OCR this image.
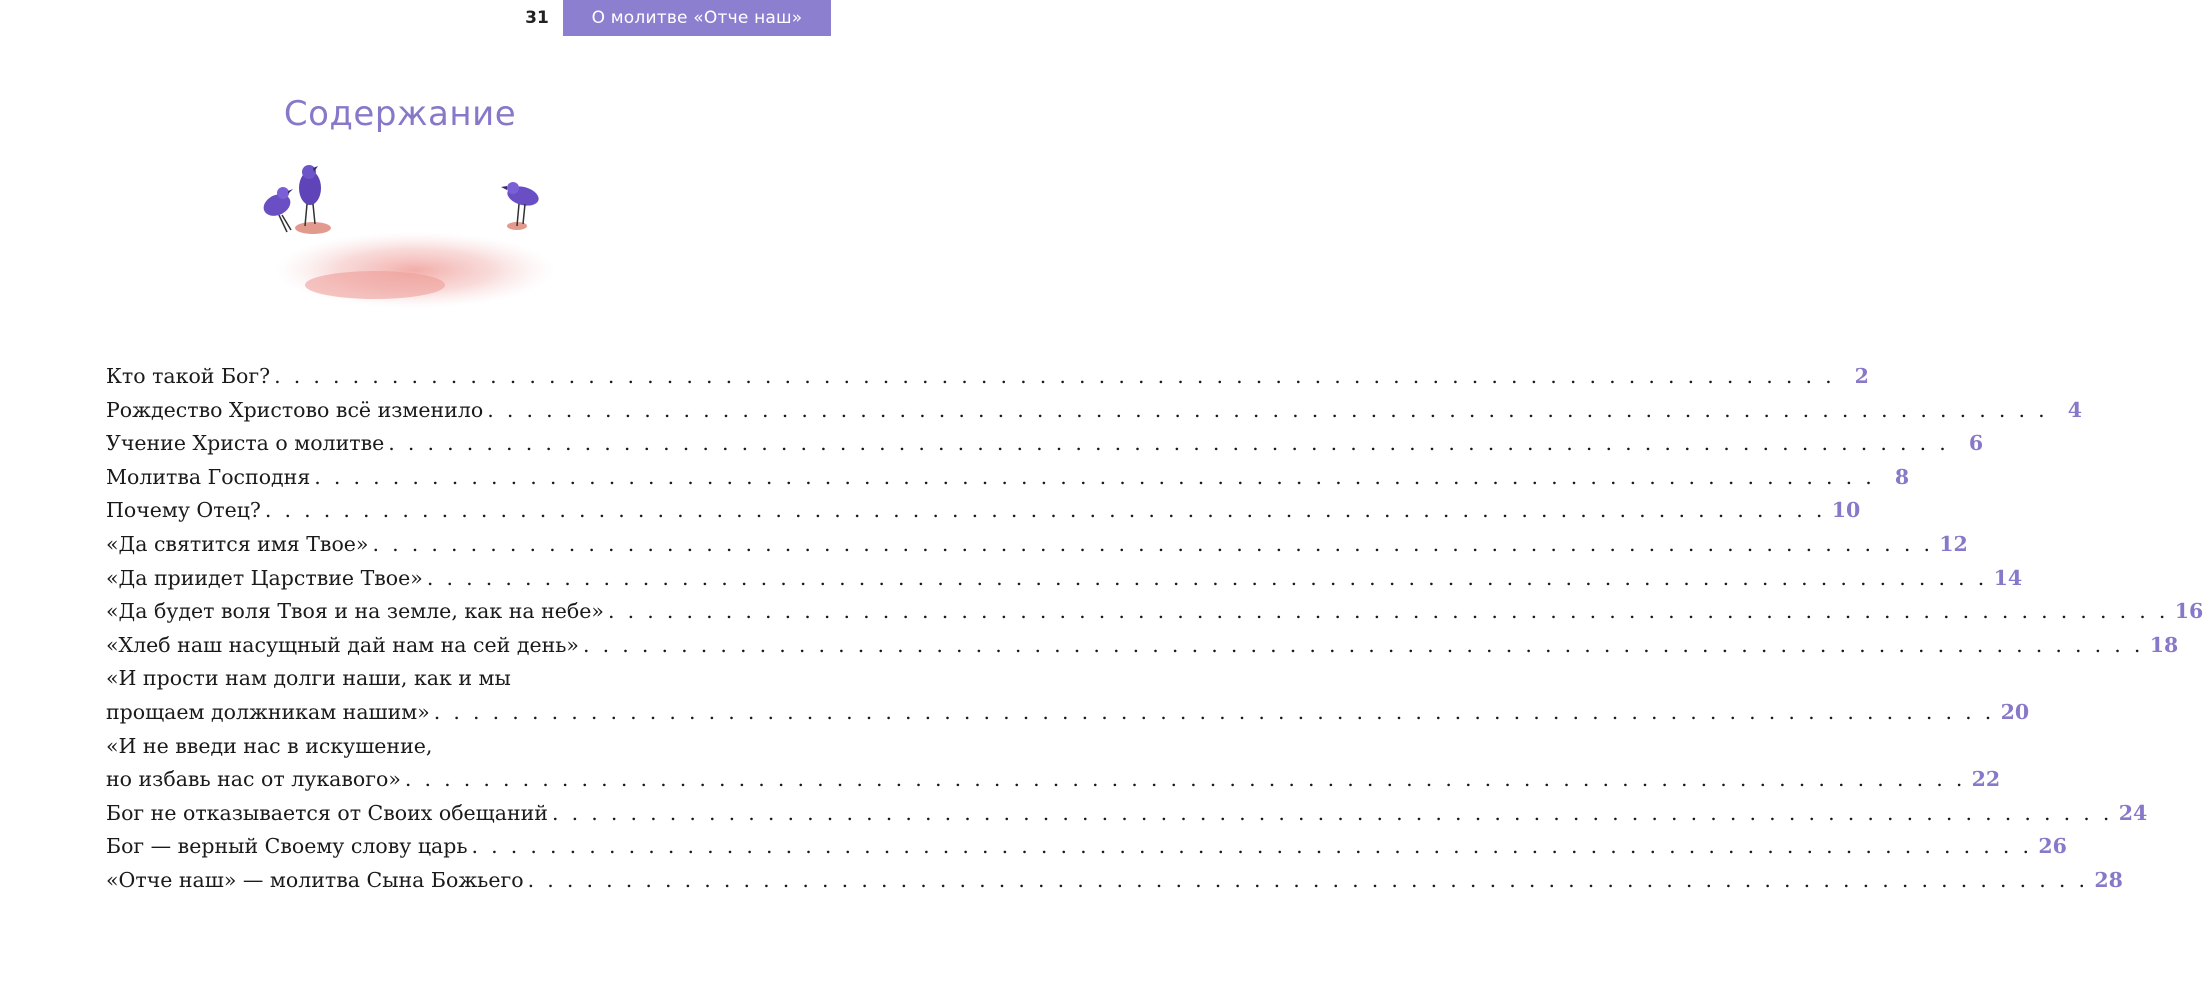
31	О молитве «Отче наш»
Содержание
Кто такой Бог? . . . . . . . . . . . . . . . . . . . . . . . . . . . . . . . . . . . . . . . . . . . . . . . . . . . . . . . . . . . . . . . . . . . . . . . . . . . . . . . . 2
Рождество Христово всё изменило . . . . . . . . . . . . . . . . . . . . . . . . . . . . . . . . . . . . . . . . . . . . . . . . . . . . . . . . . . . . . . . . . . . . . . . . . . . . . . . . 4
Учение Христа о молитве . . . . . . . . . . . . . . . . . . . . . . . . . . . . . . . . . . . . . . . . . . . . . . . . . . . . . . . . . . . . . . . . . . . . . . . . . . . . . . . . 6
Молитва Господня . . . . . . . . . . . . . . . . . . . . . . . . . . . . . . . . . . . . . . . . . . . . . . . . . . . . . . . . . . . . . . . . . . . . . . . . . . . . . . . . 8
Почему Отец? . . . . . . . . . . . . . . . . . . . . . . . . . . . . . . . . . . . . . . . . . . . . . . . . . . . . . . . . . . . . . . . . . . . . . . . . . . . . . . . . 10
«Да святится имя Твое» . . . . . . . . . . . . . . . . . . . . . . . . . . . . . . . . . . . . . . . . . . . . . . . . . . . . . . . . . . . . . . . . . . . . . . . . . . . . . . . . 12
«Да приидет Царствие Твое» . . . . . . . . . . . . . . . . . . . . . . . . . . . . . . . . . . . . . . . . . . . . . . . . . . . . . . . . . . . . . . . . . . . . . . . . . . . . . . . . 14
«Да будет воля Твоя и на земле, как на небе» . . . . . . . . . . . . . . . . . . . . . . . . . . . . . . . . . . . . . . . . . . . . . . . . . . . . . . . . . . . . . . . . . . . . . . . . . . . . . . . . 16
«Хлеб наш насущный дай нам на сей день» . . . . . . . . . . . . . . . . . . . . . . . . . . . . . . . . . . . . . . . . . . . . . . . . . . . . . . . . . . . . . . . . . . . . . . . . . . . . . . . . 18
«И прости нам долги наши, как и мы
прощаем должникам нашим» . . . . . . . . . . . . . . . . . . . . . . . . . . . . . . . . . . . . . . . . . . . . . . . . . . . . . . . . . . . . . . . . . . . . . . . . . . . . . . . . 20
«И не введи нас в искушение,
но избавь нас от лукавого» . . . . . . . . . . . . . . . . . . . . . . . . . . . . . . . . . . . . . . . . . . . . . . . . . . . . . . . . . . . . . . . . . . . . . . . . . . . . . . . . 22
Бог не отказывается от Своих обещаний . . . . . . . . . . . . . . . . . . . . . . . . . . . . . . . . . . . . . . . . . . . . . . . . . . . . . . . . . . . . . . . . . . . . . . . . . . . . . . . . 24
Бог — верный Своему слову царь . . . . . . . . . . . . . . . . . . . . . . . . . . . . . . . . . . . . . . . . . . . . . . . . . . . . . . . . . . . . . . . . . . . . . . . . . . . . . . . . 26
«Отче наш» — молитва Сына Божьего . . . . . . . . . . . . . . . . . . . . . . . . . . . . . . . . . . . . . . . . . . . . . . . . . . . . . . . . . . . . . . . . . . . . . . . . . . . . . . . . 28
